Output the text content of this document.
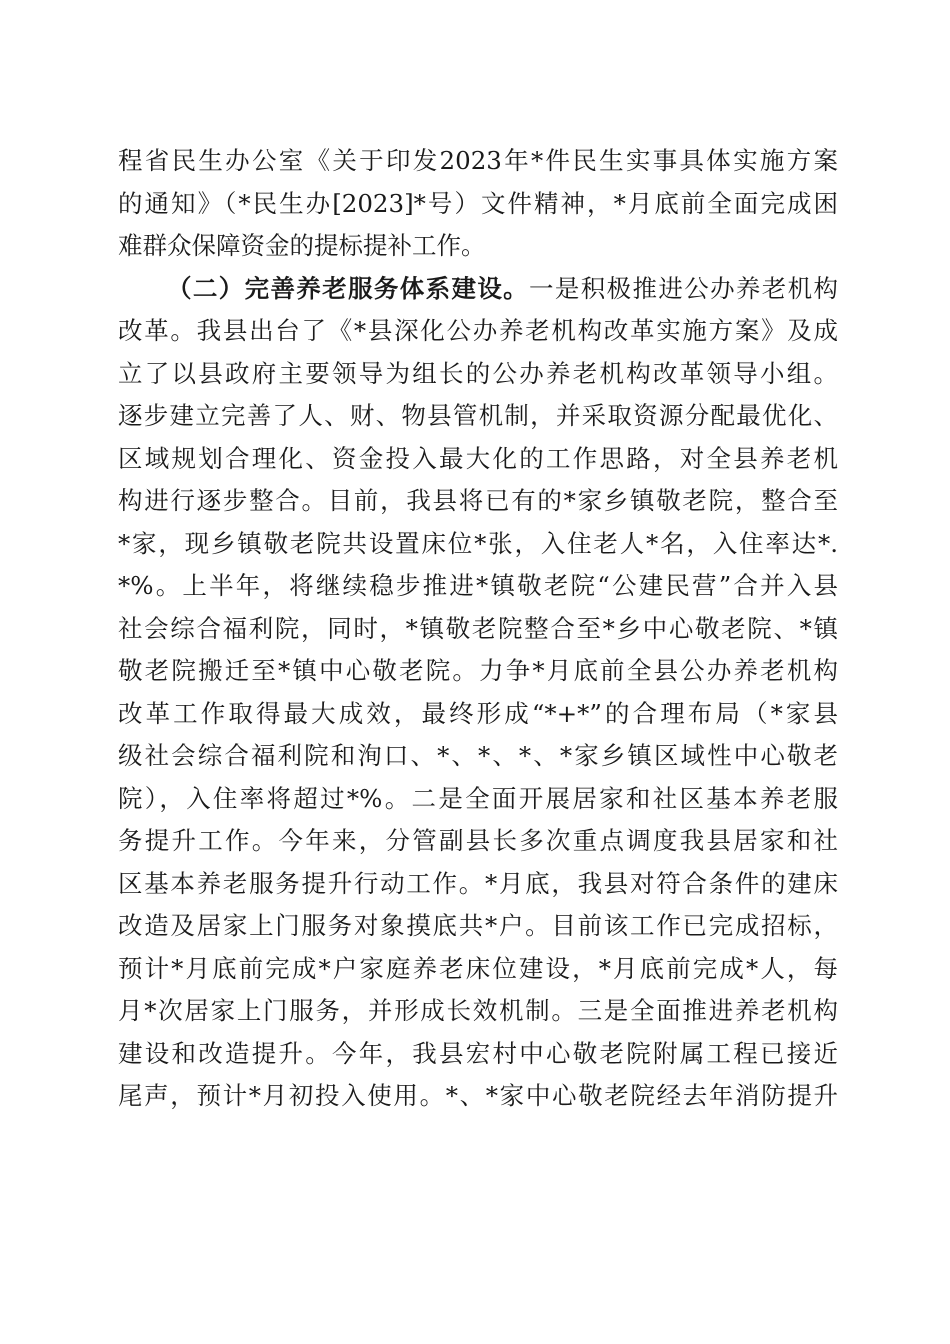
程省民生办公室《关于印发2023年*件民生实事具体实施方案
的通知》（*民生办[2023]*号）文件精神，*月底前全面完成困
难群众保障资金的提标提补工作。
（二）完善养老服务体系建设。一是积极推进公办养老机构
改革。我县出台了《*县深化公办养老机构改革实施方案》及成
立了以县政府主要领导为组长的公办养老机构改革领导小组。
逐步建立完善了人、财、物县管机制，并采取资源分配最优化、
区域规划合理化、资金投入最大化的工作思路，对全县养老机
构进行逐步整合。目前，我县将已有的*家乡镇敬老院，整合至
*家，现乡镇敬老院共设置床位*张，入住老人*名，入住率达*.
*%。上半年，将继续稳步推进*镇敬老院“公建民营”合并入县
社会综合福利院，同时，*镇敬老院整合至*乡中心敬老院、*镇
敬老院搬迁至*镇中心敬老院。力争*月底前全县公办养老机构
改革工作取得最大成效，最终形成“*+*”的合理布局（*家县
级社会综合福利院和洵口、*、*、*、*家乡镇区域性中心敬老
院），入住率将超过*%。二是全面开展居家和社区基本养老服
务提升工作。今年来，分管副县长多次重点调度我县居家和社
区基本养老服务提升行动工作。*月底，我县对符合条件的建床
改造及居家上门服务对象摸底共*户。目前该工作已完成招标，
预计*月底前完成*户家庭养老床位建设，*月底前完成*人，每
月*次居家上门服务，并形成长效机制。三是全面推进养老机构
建设和改造提升。今年，我县宏村中心敬老院附属工程已接近
尾声，预计*月初投入使用。*、*家中心敬老院经去年消防提升
